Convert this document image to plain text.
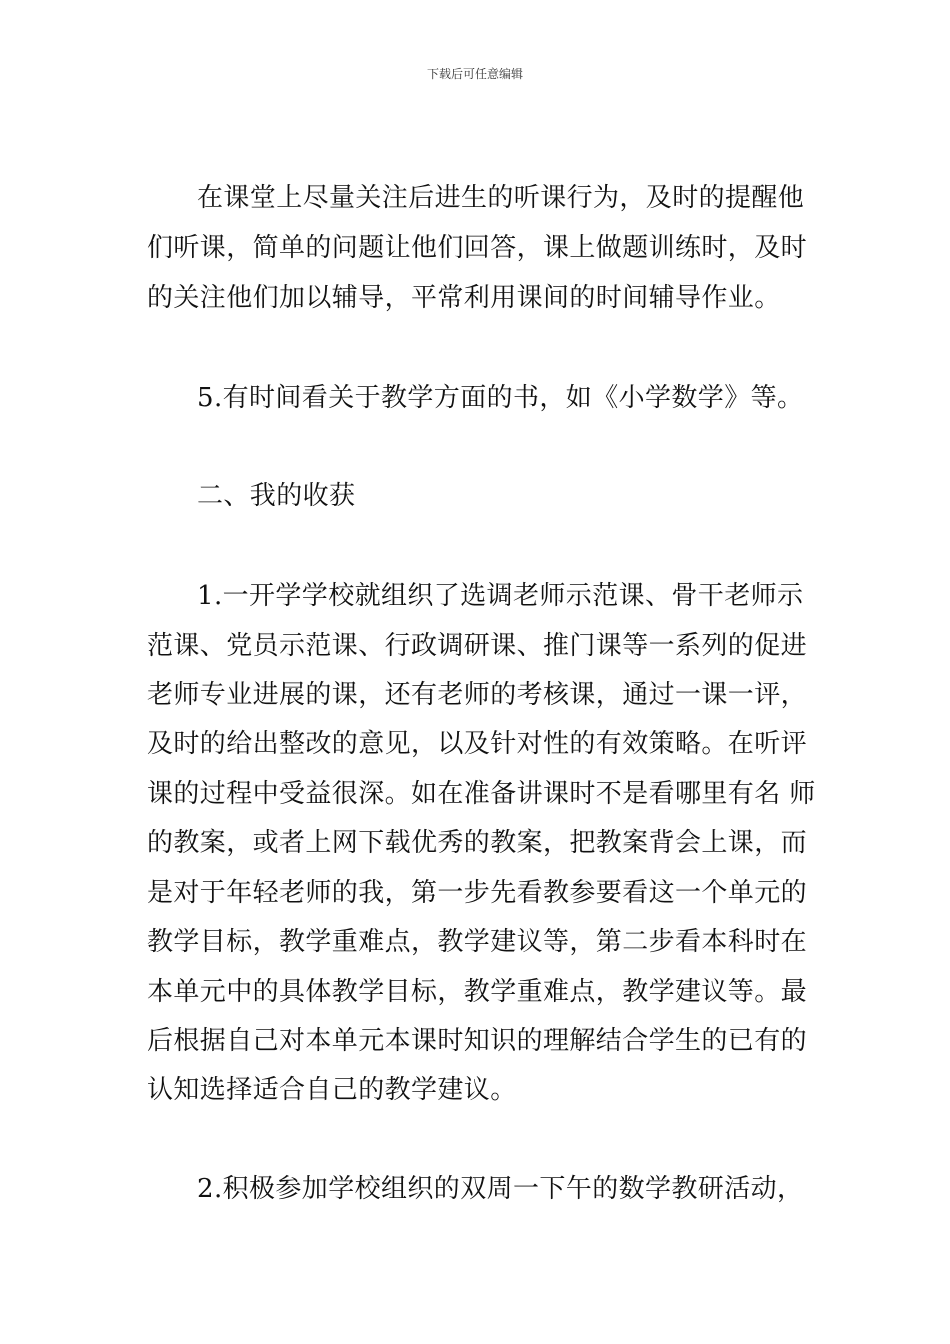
下载后可任意编辑

在课堂上尽量关注后进生的听课行为，及时的提醒他

们听课，简单的问题让他们回答，课上做题训练时，及时

的关注他们加以辅导，平常利用课间的时间辅导作业。

5.有时间看关于教学方面的书，如《小学数学》等。

二、我的收获

1.一开学学校就组织了选调老师示范课、骨干老师示

范课、党员示范课、行政调研课、推门课等一系列的促进

老师专业进展的课，还有老师的考核课，通过一课一评，

及时的给出整改的意见，以及针对性的有效策略。在听评

课的过程中受益很深。如在准备讲课时不是看哪里有名 师

的教案，或者上网下载优秀的教案，把教案背会上课，而

是对于年轻老师的我，第一步先看教参要看这一个单元的

教学目标，教学重难点，教学建议等，第二步看本科时在

本单元中的具体教学目标，教学重难点，教学建议等。最

后根据自己对本单元本课时知识的理解结合学生的已有的

认知选择适合自己的教学建议。

2.积极参加学校组织的双周一下午的数学教研活动，
